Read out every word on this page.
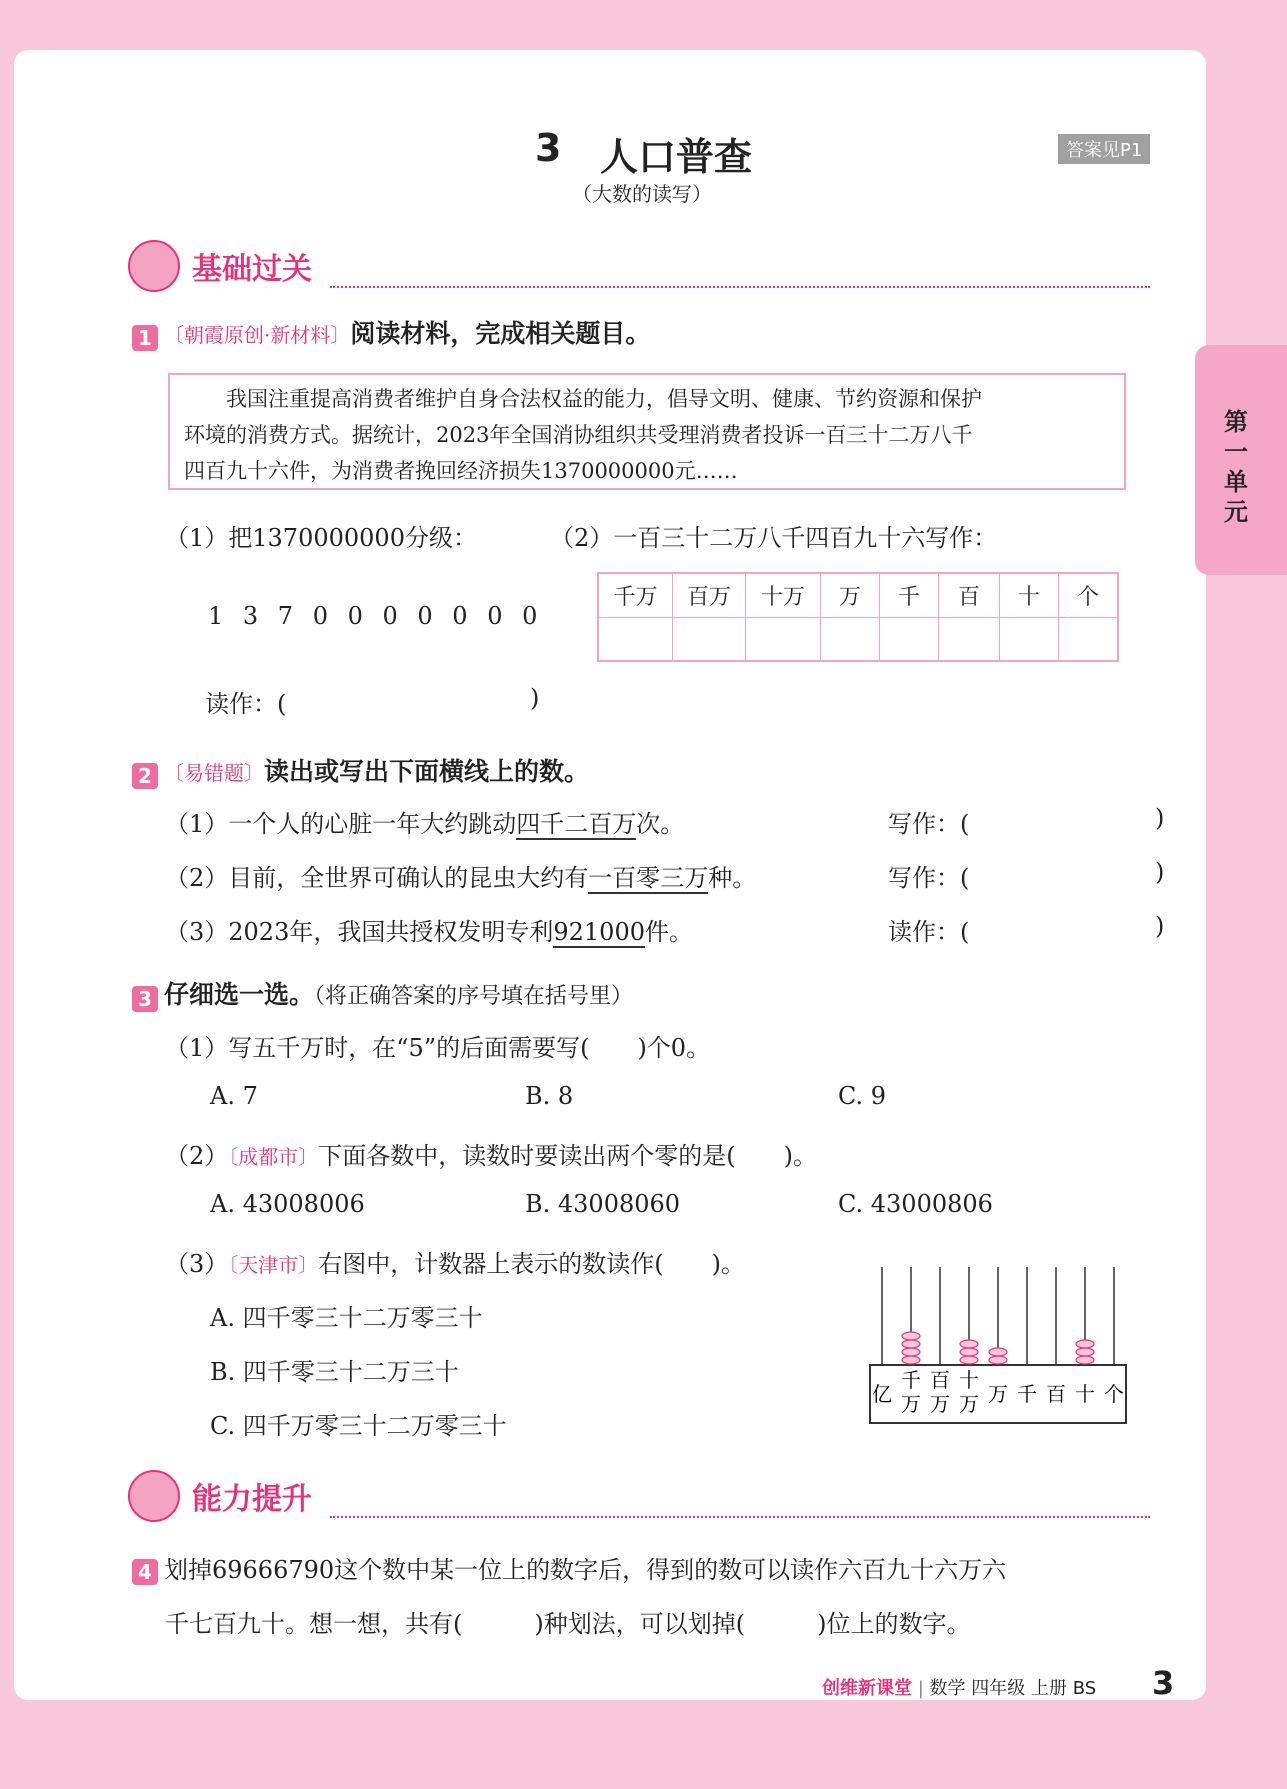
3 人口普查
（大数的读写）
答案见P1
第一单元
基础过关
1 〔朝霞原创·新材料〕阅读材料，完成相关题目。
我国注重提高消费者维护自身合法权益的能力，倡导文明、健康、节约资源和保护
环境的消费方式。据统计，2023年全国消协组织共受理消费者投诉一百三十二万八千
四百九十六件，为消费者挽回经济损失1370000000元……
（1）把1370000000分级：	（2）一百三十二万八千四百九十六写作：
1 3 7 0 0 0 0 0 0 0
千万	百万	十万	万	千	百	十	个

读作：(	)
2 〔易错题〕读出或写出下面横线上的数。
（1）一个人的心脏一年大约跳动四千二百万次。	写作：(	)
（2）目前，全世界可确认的昆虫大约有一百零三万种。	写作：(	)
（3）2023年，我国共授权发明专利921000件。	读作：(	)
3 仔细选一选。（将正确答案的序号填在括号里）
（1）写五千万时，在“5”的后面需要写(　　)个0。
A. 7	B. 8	C. 9
（2）〔成都市〕下面各数中，读数时要读出两个零的是(　　)。
A. 43008006	B. 43008060	C. 43000806
（3）〔天津市〕右图中，计数器上表示的数读作(　　)。
A. 四千零三十二万零三十
B. 四千零三十二万三十
C. 四千万零三十二万零三十
亿
千
万
百
万
十
万 万 千 百 十 个
能力提升
4 划掉69666790这个数中某一位上的数字后，得到的数可以读作六百九十六万六
千七百九十。想一想，共有(　　　)种划法，可以划掉(　　　)位上的数字。
创维新课堂 | 数学 四年级 上册 BS 3
